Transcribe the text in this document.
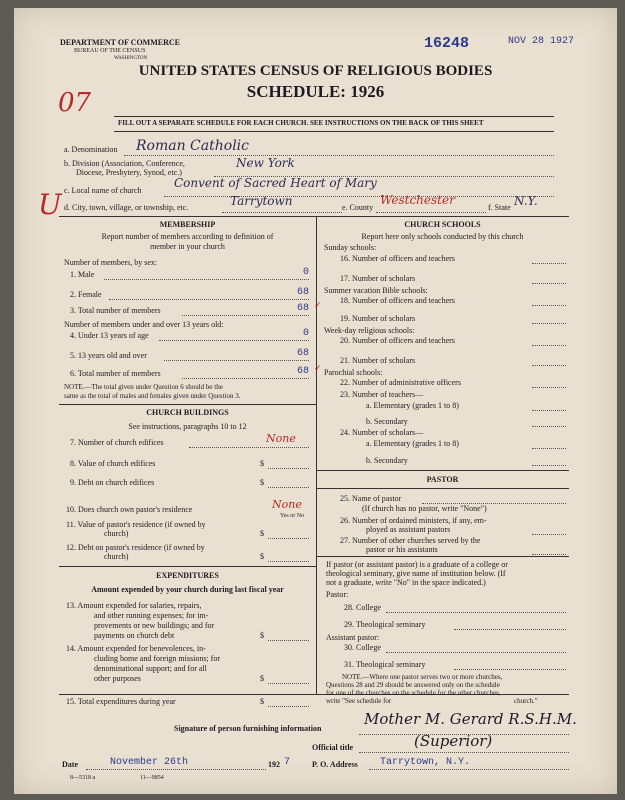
DEPARTMENT OF COMMERCE
BUREAU OF THE CENSUS
WASHINGTON
16248	NOV 28 1927
UNITED STATES CENSUS OF RELIGIOUS BODIES
SCHEDULE: 1926
07
FILL OUT A SEPARATE SCHEDULE FOR EACH CHURCH. SEE INSTRUCTIONS ON THE BACK OF THIS SHEET
a. Denomination Roman Catholic
b. Division (Association, Conference,
Diocese, Presbytery, Synod, etc.)
New York
c. Local name of church
Convent of Sacred Heart of Mary
U d. City, town, village, or township, etc.	Tarrytown	e. County
Westchester
f. State N.Y.
MEMBERSHIP
Report number of members according to definition of
member in your church
Number of members, by sex:
1. Male	0
2. Female	68
3. Total number of members	68 ✓
Number of members under and over 13 years old:
4. Under 13 years of age	0
5. 13 years old and over	68
6. Total number of members	68 ✓
NOTE.—The total given under Question 6 should be the
same as the total of males and females given under Question 3.
CHURCH BUILDINGS
See instructions, paragraphs 10 to 12
7. Number of church edifices	None
8. Value of church edifices	$
9. Debt on church edifices	$
10. Does church own pastor's residence	None
Yes or No
11. Value of pastor's residence (if owned by
church)	$
12. Debt on pastor's residence (if owned by
church)	$
EXPENDITURES
Amount expended by your church during last fiscal year
13. Amount expended for salaries, repairs,
and other running expenses; for im-
provements or new buildings; and for
payments on church debt	$
14. Amount expended for benevolences, in-
cluding home and foreign missions; for
denominational support; and for all
other purposes	$
15. Total expenditures during year	$
CHURCH SCHOOLS
Report here only schools conducted by this church
Sunday schools:
16. Number of officers and teachers
17. Number of scholars
Summer vacation Bible schools:
18. Number of officers and teachers
19. Number of scholars
Week-day religious schools:
20. Number of officers and teachers
21. Number of scholars
Parochial schools:
22. Number of administrative officers
23. Number of teachers—
a. Elementary (grades 1 to 8)
b. Secondary
24. Number of scholars—
a. Elementary (grades 1 to 8)
b. Secondary
PASTOR
25. Name of pastor
(If church has no pastor, write "None")
26. Number of ordained ministers, if any, em-
ployed as assistant pastors
27. Number of other churches served by the
pastor or his assistants
If pastor (or assistant pastor) is a graduate of a college or
theological seminary, give name of institution below. (If
not a graduate, write "No" in the space indicated.)
Pastor:
28. College
29. Theological seminary
Assistant pastor:
30. College
31. Theological seminary
NOTE.—Where one pastor serves two or more churches,
Questions 28 and 29 should be answered only on the schedule
for one of the churches on the schedule for the other churches,
write "See schedule for	church."
Signature of person furnishing information
Mother M. Gerard R.S.H.M.
Official title	(Superior)
Date	November 26th	192 7	P. O. Address Tarrytown, N.Y.
8—5318 a	11—9854
